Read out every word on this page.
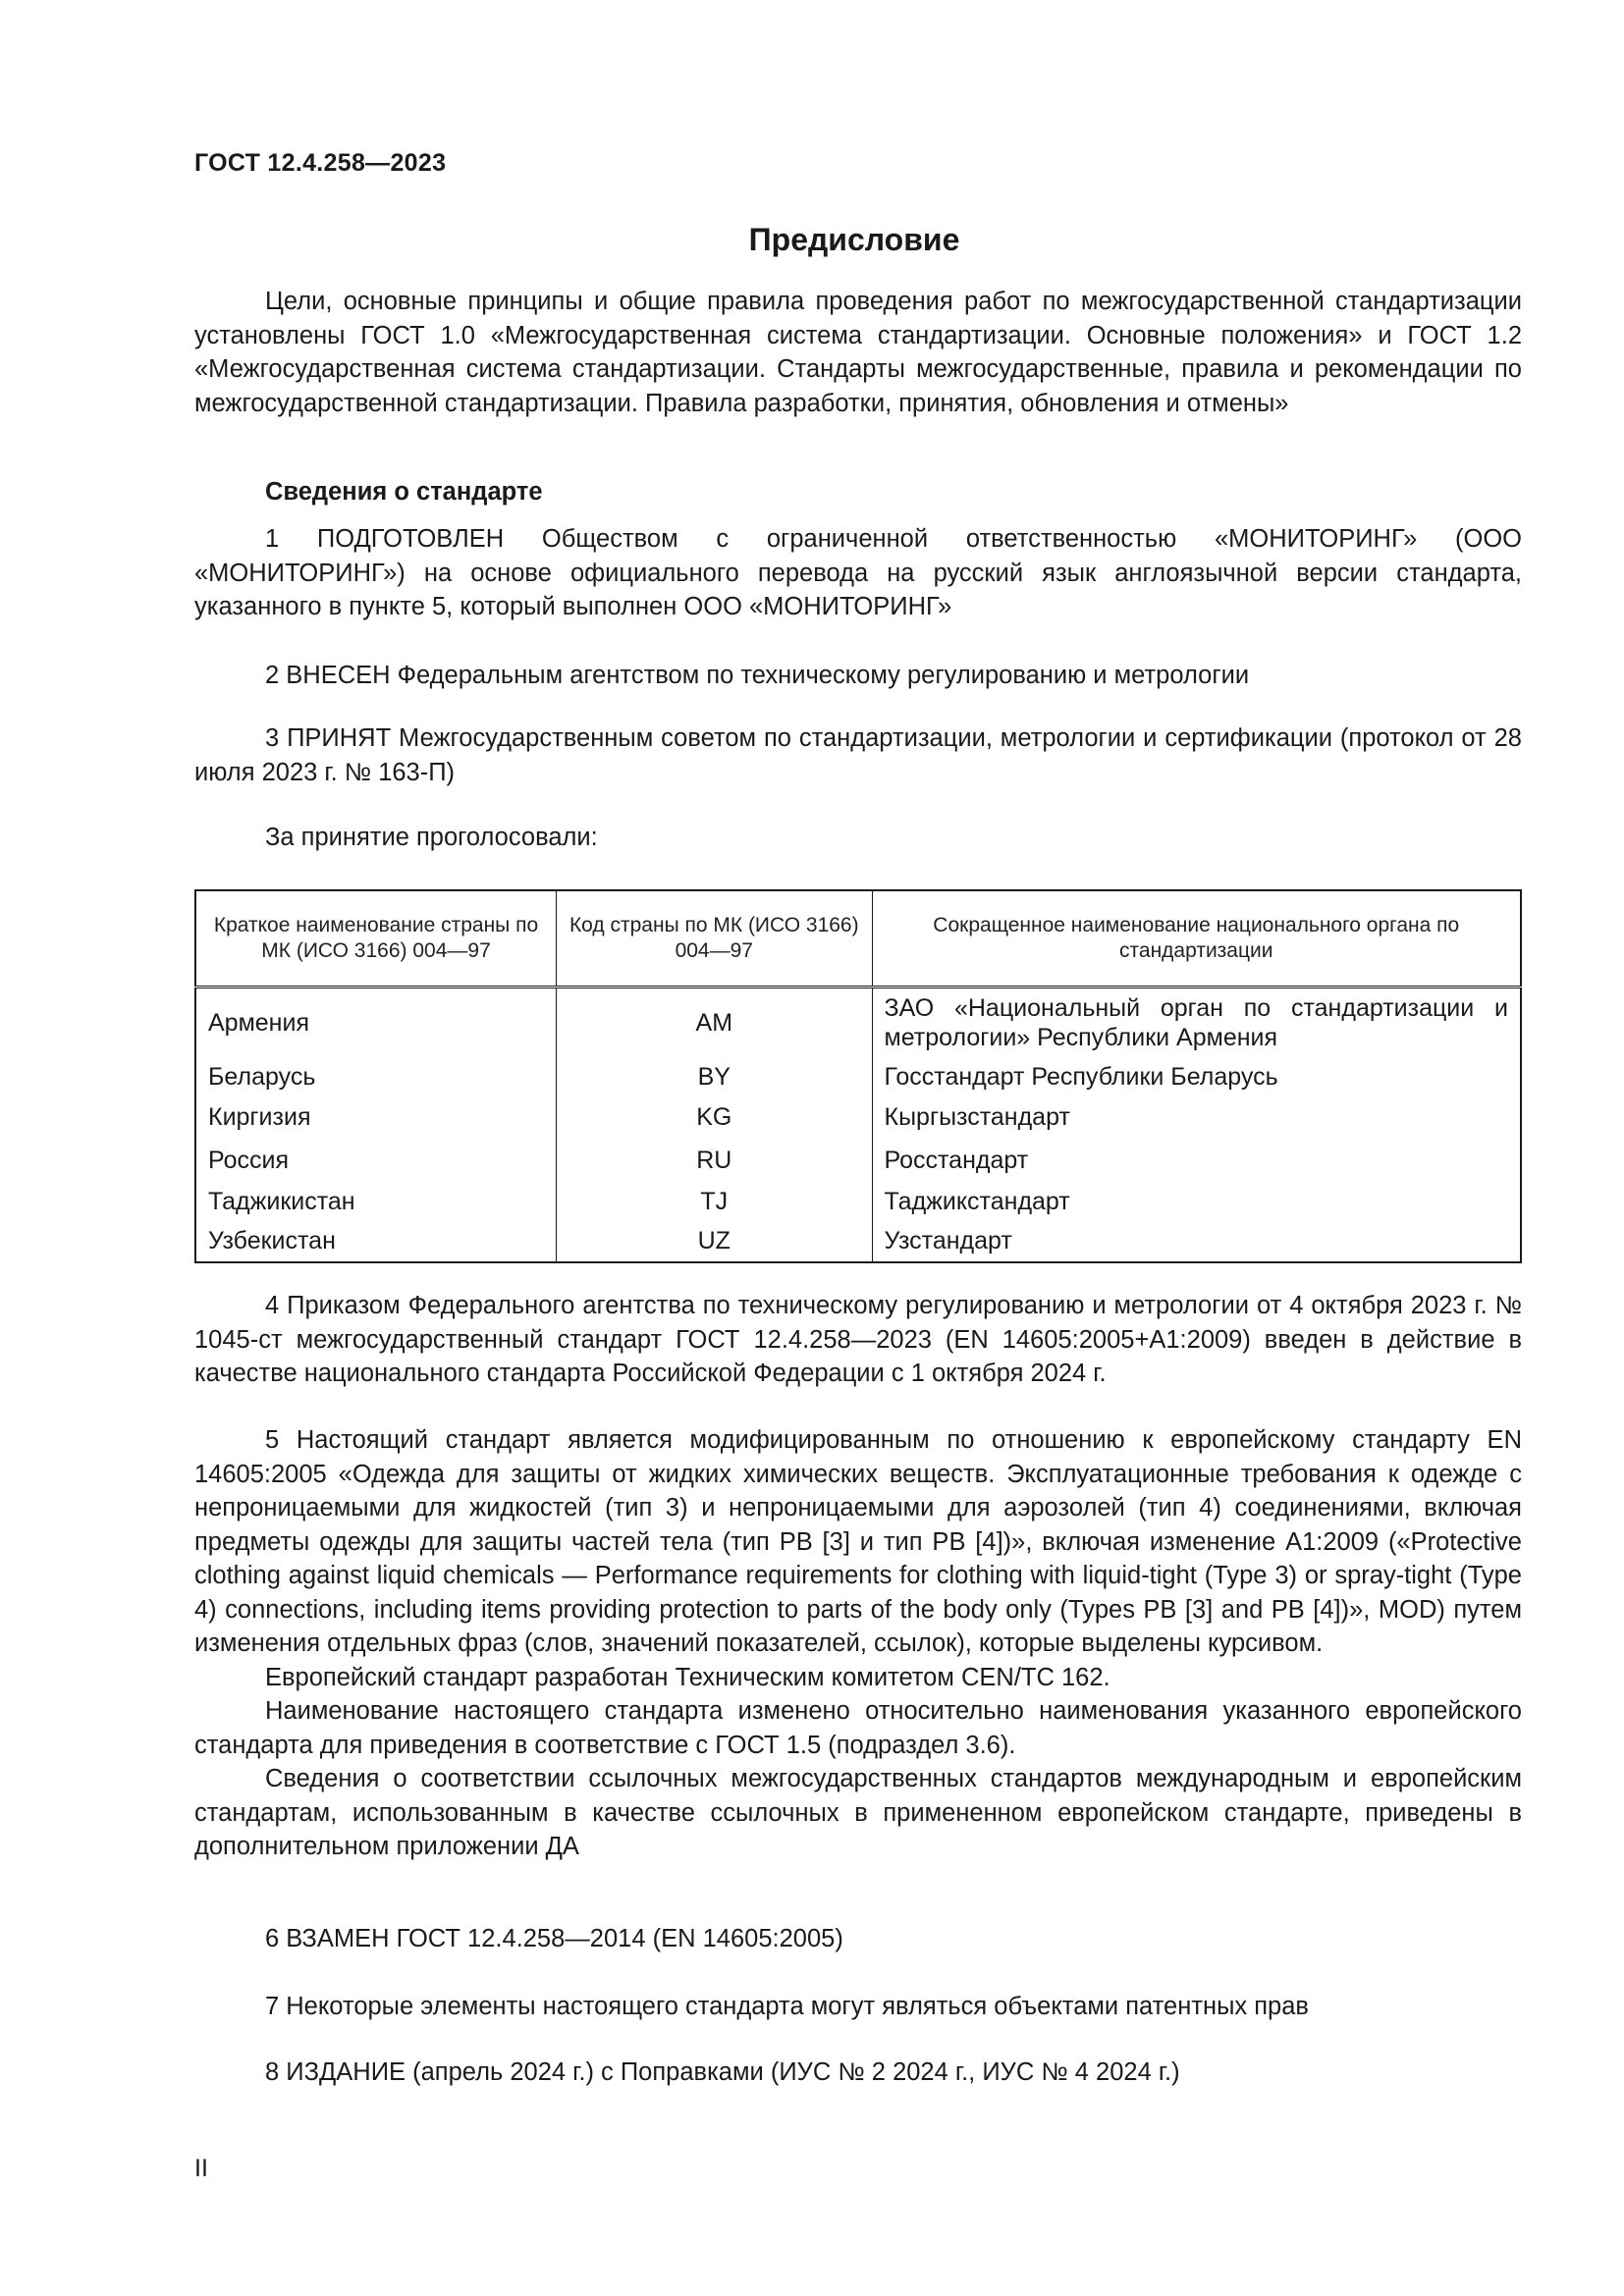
ГОСТ 12.4.258—2023
Предисловие

Цели, основные принципы и общие правила проведения работ по межгосударственной стандартизации установлены ГОСТ 1.0 «Межгосударственная система стандартизации. Основные положения» и ГОСТ 1.2 «Межгосударственная система стандартизации. Стандарты межгосударственные, правила и рекомендации по межгосударственной стандартизации. Правила разработки, принятия, обновления и отмены»

Сведения о стандарте

1 ПОДГОТОВЛЕН Обществом с ограниченной ответственностью «МОНИТОРИНГ» (ООО «МОНИТОРИНГ») на основе официального перевода на русский язык англоязычной версии стандарта, указанного в пункте 5, который выполнен ООО «МОНИТОРИНГ»

2 ВНЕСЕН Федеральным агентством по техническому регулированию и метрологии

3 ПРИНЯТ Межгосударственным советом по стандартизации, метрологии и сертификации (протокол от 28 июля 2023 г. № 163-П)

За принятие проголосовали:

Краткое наименование страны по МК (ИСО 3166) 004—97	Код страны по МК (ИСО 3166) 004—97	Сокращенное наименование национального органа по стандартизации
Армения	AM	ЗАО «Национальный орган по стандартизации и метрологии» Республики Армения
Беларусь	BY	Госстандарт Республики Беларусь
Киргизия	KG	Кыргызстандарт
Россия	RU	Росстандарт
Таджикистан	TJ	Таджикстандарт
Узбекистан	UZ	Узстандарт

4 Приказом Федерального агентства по техническому регулированию и метрологии от 4 октября 2023 г. № 1045-ст межгосударственный стандарт ГОСТ 12.4.258—2023 (EN 14605:2005+A1:2009) введен в действие в качестве национального стандарта Российской Федерации с 1 октября 2024 г.

5 Настоящий стандарт является модифицированным по отношению к европейскому стандарту EN 14605:2005 «Одежда для защиты от жидких химических веществ. Эксплуатационные требования к одежде с непроницаемыми для жидкостей (тип 3) и непроницаемыми для аэрозолей (тип 4) соединениями, включая предметы одежды для защиты частей тела (тип PB [3] и тип PB [4])», включая изменение A1:2009 («Protective clothing against liquid chemicals — Performance requirements for clothing with liquid-tight (Type 3) or spray-tight (Type 4) connections, including items providing protection to parts of the body only (Types PB [3] and PB [4])», MOD) путем изменения отдельных фраз (слов, значений показателей, ссылок), которые выделены курсивом.

Европейский стандарт разработан Техническим комитетом CEN/TC 162.

Наименование настоящего стандарта изменено относительно наименования указанного европейского стандарта для приведения в соответствие с ГОСТ 1.5 (подраздел 3.6).

Сведения о соответствии ссылочных межгосударственных стандартов международным и европейским стандартам, использованным в качестве ссылочных в примененном европейском стандарте, приведены в дополнительном приложении ДА

6 ВЗАМЕН ГОСТ 12.4.258—2014 (EN 14605:2005)

7 Некоторые элементы настоящего стандарта могут являться объектами патентных прав

8 ИЗДАНИЕ (апрель 2024 г.) с Поправками (ИУС № 2 2024 г., ИУС № 4 2024 г.)

II
